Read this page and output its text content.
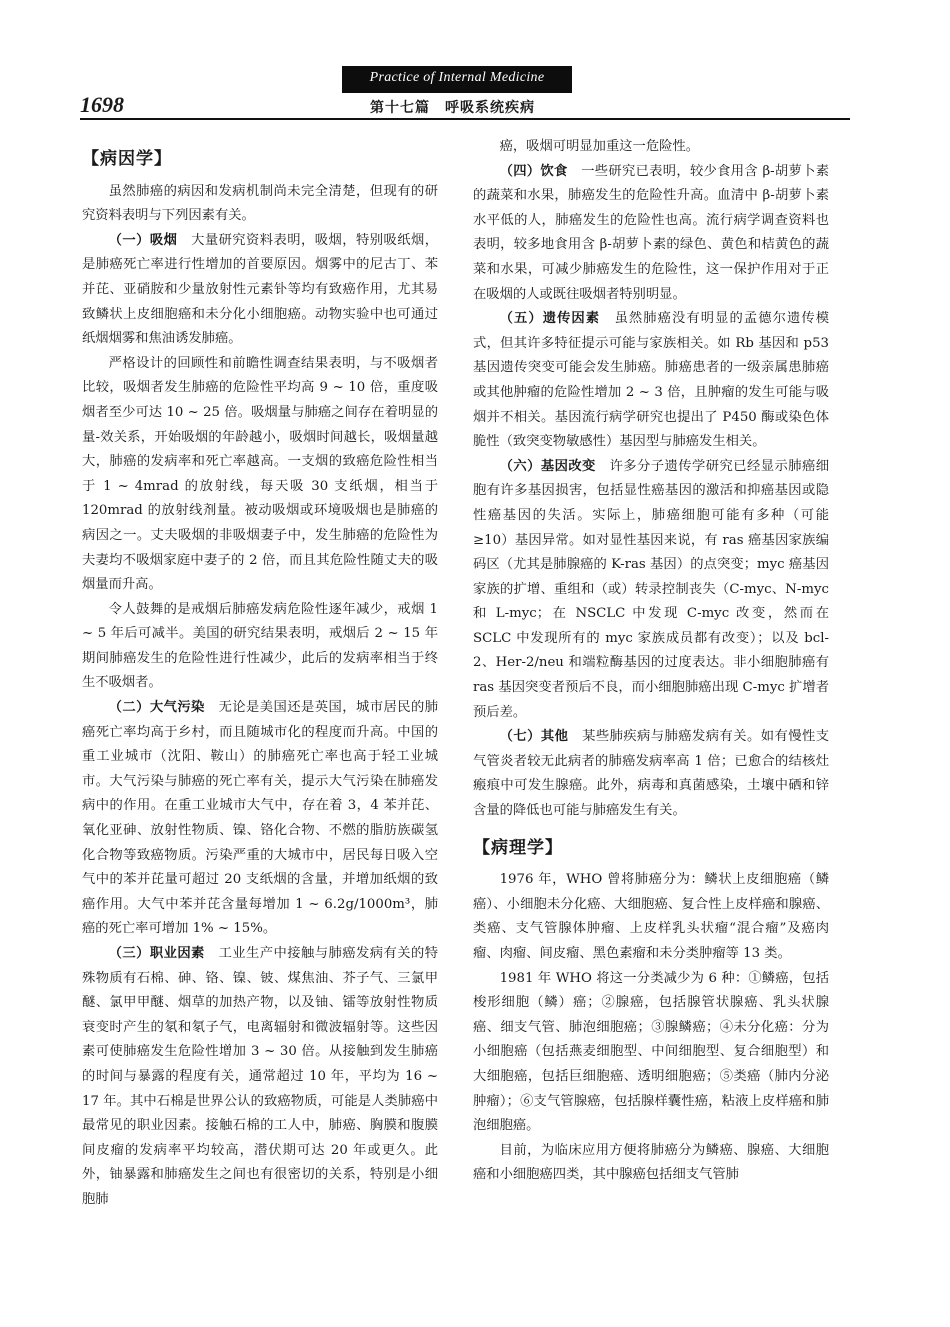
Practice of Internal Medicine
1698	第十七篇　呼吸系统疾病
【病因学】

虽然肺癌的病因和发病机制尚未完全清楚，但现有的研究资料表明与下列因素有关。

（一）吸烟　 大量研究资料表明，吸烟，特别吸纸烟，是肺癌死亡率进行性增加的首要原因。烟雾中的尼古丁、苯并芘、亚硝胺和少量放射性元素钋等均有致癌作用，尤其易致鳞状上皮细胞癌和未分化小细胞癌。动物实验中也可通过纸烟烟雾和焦油诱发肺癌。

严格设计的回顾性和前瞻性调查结果表明，与不吸烟者比较，吸烟者发生肺癌的危险性平均高 9 ~ 10 倍，重度吸烟者至少可达 10 ~ 25 倍。吸烟量与肺癌之间存在着明显的量-效关系，开始吸烟的年龄越小，吸烟时间越长，吸烟量越大，肺癌的发病率和死亡率越高。一支烟的致癌危险性相当于 1 ~ 4mrad 的放射线，每天吸 30 支纸烟，相当于 120mrad 的放射线剂量。被动吸烟或环境吸烟也是肺癌的病因之一。丈夫吸烟的非吸烟妻子中，发生肺癌的危险性为夫妻均不吸烟家庭中妻子的 2 倍，而且其危险性随丈夫的吸烟量而升高。

令人鼓舞的是戒烟后肺癌发病危险性逐年减少，戒烟 1 ~ 5 年后可减半。美国的研究结果表明，戒烟后 2 ~ 15 年期间肺癌发生的危险性进行性减少，此后的发病率相当于终生不吸烟者。

（二）大气污染　 无论是美国还是英国，城市居民的肺癌死亡率均高于乡村，而且随城市化的程度而升高。中国的重工业城市（沈阳、鞍山）的肺癌死亡率也高于轻工业城市。大气污染与肺癌的死亡率有关，提示大气污染在肺癌发病中的作用。在重工业城市大气中，存在着 3，4 苯并芘、氧化亚砷、放射性物质、镍、铬化合物、不燃的脂肪族碳氢化合物等致癌物质。污染严重的大城市中，居民每日吸入空气中的苯并芘量可超过 20 支纸烟的含量，并增加纸烟的致癌作用。大气中苯并芘含量每增加 1 ~ 6.2g/1000m³，肺癌的死亡率可增加 1% ~ 15%。

（三）职业因素　 工业生产中接触与肺癌发病有关的特殊物质有石棉、砷、铬、镍、铍、煤焦油、芥子气、三氯甲醚、氯甲甲醚、烟草的加热产物，以及铀、镭等放射性物质衰变时产生的氡和氡子气，电离辐射和微波辐射等。这些因素可使肺癌发生危险性增加 3 ~ 30 倍。从接触到发生肺癌的时间与暴露的程度有关，通常超过 10 年，平均为 16 ~ 17 年。其中石棉是世界公认的致癌物质，可能是人类肺癌中最常见的职业因素。接触石棉的工人中，肺癌、胸膜和腹膜间皮瘤的发病率平均较高，潜伏期可达 20 年或更久。此外，铀暴露和肺癌发生之间也有很密切的关系，特别是小细胞肺

癌，吸烟可明显加重这一危险性。

（四）饮食　 一些研究已表明，较少食用含 β-胡萝卜素的蔬菜和水果，肺癌发生的危险性升高。血清中 β-胡萝卜素水平低的人，肺癌发生的危险性也高。流行病学调查资料也表明，较多地食用含 β-胡萝卜素的绿色、黄色和桔黄色的蔬菜和水果，可减少肺癌发生的危险性，这一保护作用对于正在吸烟的人或既往吸烟者特别明显。

（五）遗传因素　 虽然肺癌没有明显的孟德尔遗传模式，但其许多特征提示可能与家族相关。如 Rb 基因和 p53 基因遗传突变可能会发生肺癌。肺癌患者的一级亲属患肺癌或其他肿瘤的危险性增加 2 ~ 3 倍，且肿瘤的发生可能与吸烟并不相关。基因流行病学研究也提出了 P450 酶或染色体脆性（致突变物敏感性）基因型与肺癌发生相关。

（六）基因改变　 许多分子遗传学研究已经显示肺癌细胞有许多基因损害，包括显性癌基因的激活和抑癌基因或隐性癌基因的失活。实际上，肺癌细胞可能有多种（可能 ≥10）基因异常。如对显性基因来说，有 ras 癌基因家族编码区（尤其是肺腺癌的 K-ras 基因）的点突变；myc 癌基因家族的扩增、重组和（或）转录控制丧失（C-myc、N-myc 和 L-myc；在 NSCLC 中发现 C-myc 改变，然而在 SCLC 中发现所有的 myc 家族成员都有改变）；以及 bcl-2、Her-2/neu 和端粒酶基因的过度表达。非小细胞肺癌有 ras 基因突变者预后不良，而小细胞肺癌出现 C-myc 扩增者预后差。

（七）其他　 某些肺疾病与肺癌发病有关。如有慢性支气管炎者较无此病者的肺癌发病率高 1 倍；已愈合的结核灶瘢痕中可发生腺癌。此外，病毒和真菌感染，土壤中硒和锌含量的降低也可能与肺癌发生有关。

【病理学】

1976 年，WHO 曾将肺癌分为：鳞状上皮细胞癌（鳞癌）、小细胞未分化癌、大细胞癌、复合性上皮样癌和腺癌、类癌、支气管腺体肿瘤、上皮样乳头状瘤“混合瘤”及癌肉瘤、肉瘤、间皮瘤、黑色素瘤和未分类肿瘤等 13 类。

1981 年 WHO 将这一分类减少为 6 种：①鳞癌，包括梭形细胞（鳞）癌；②腺癌，包括腺管状腺癌、乳头状腺癌、细支气管、肺泡细胞癌；③腺鳞癌；④未分化癌：分为小细胞癌（包括燕麦细胞型、中间细胞型、复合细胞型）和大细胞癌，包括巨细胞癌、透明细胞癌；⑤类癌（肺内分泌肿瘤）；⑥支气管腺癌，包括腺样囊性癌，粘液上皮样癌和肺泡细胞癌。

目前，为临床应用方便将肺癌分为鳞癌、腺癌、大细胞癌和小细胞癌四类，其中腺癌包括细支气管肺
